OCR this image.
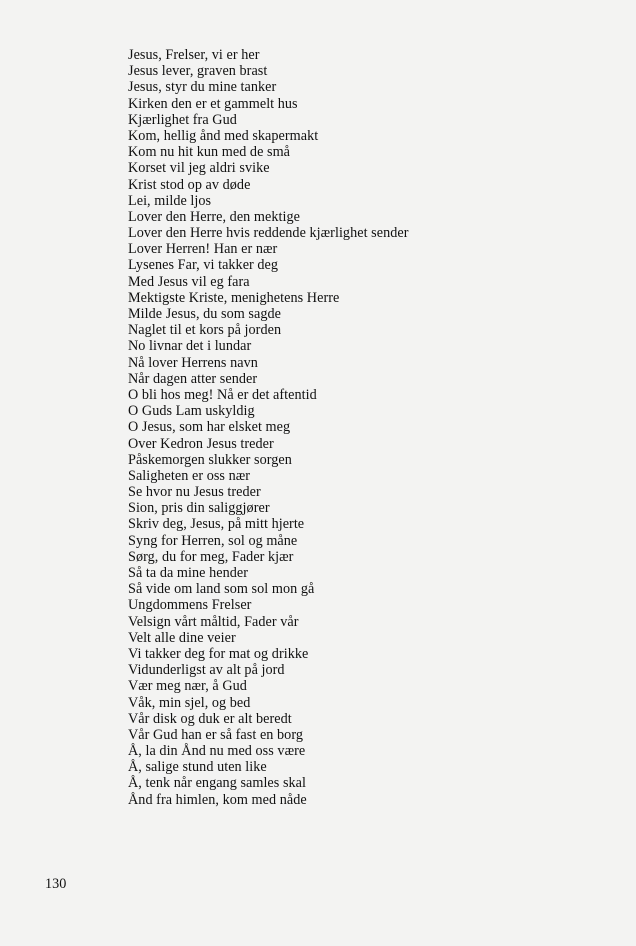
Jesus, Frelser, vi er her
Jesus lever, graven brast
Jesus, styr du mine tanker
Kirken den er et gammelt hus
Kjærlighet fra Gud
Kom, hellig ånd med skapermakt
Kom nu hit kun med de små
Korset vil jeg aldri svike
Krist stod op av døde
Lei, milde ljos
Lover den Herre, den mektige
Lover den Herre hvis reddende kjærlighet sender
Lover Herren! Han er nær
Lysenes Far, vi takker deg
Med Jesus vil eg fara
Mektigste Kriste, menighetens Herre
Milde Jesus, du som sagde
Naglet til et kors på jorden
No livnar det i lundar
Nå lover Herrens navn
Når dagen atter sender
O bli hos meg! Nå er det aftentid
O Guds Lam uskyldig
O Jesus, som har elsket meg
Over Kedron Jesus treder
Påskemorgen slukker sorgen
Saligheten er oss nær
Se hvor nu Jesus treder
Sion, pris din saliggjører
Skriv deg, Jesus, på mitt hjerte
Syng for Herren, sol og måne
Sørg, du for meg, Fader kjær
Så ta da mine hender
Så vide om land som sol mon gå
Ungdommens Frelser
Velsign vårt måltid, Fader vår
Velt alle dine veier
Vi takker deg for mat og drikke
Vidunderligst av alt på jord
Vær meg nær, å Gud
Våk, min sjel, og bed
Vår disk og duk er alt beredt
Vår Gud han er så fast en borg
Å, la din Ånd nu med oss være
Å, salige stund uten like
Å, tenk når engang samles skal
Ånd fra himlen, kom med nåde
130
